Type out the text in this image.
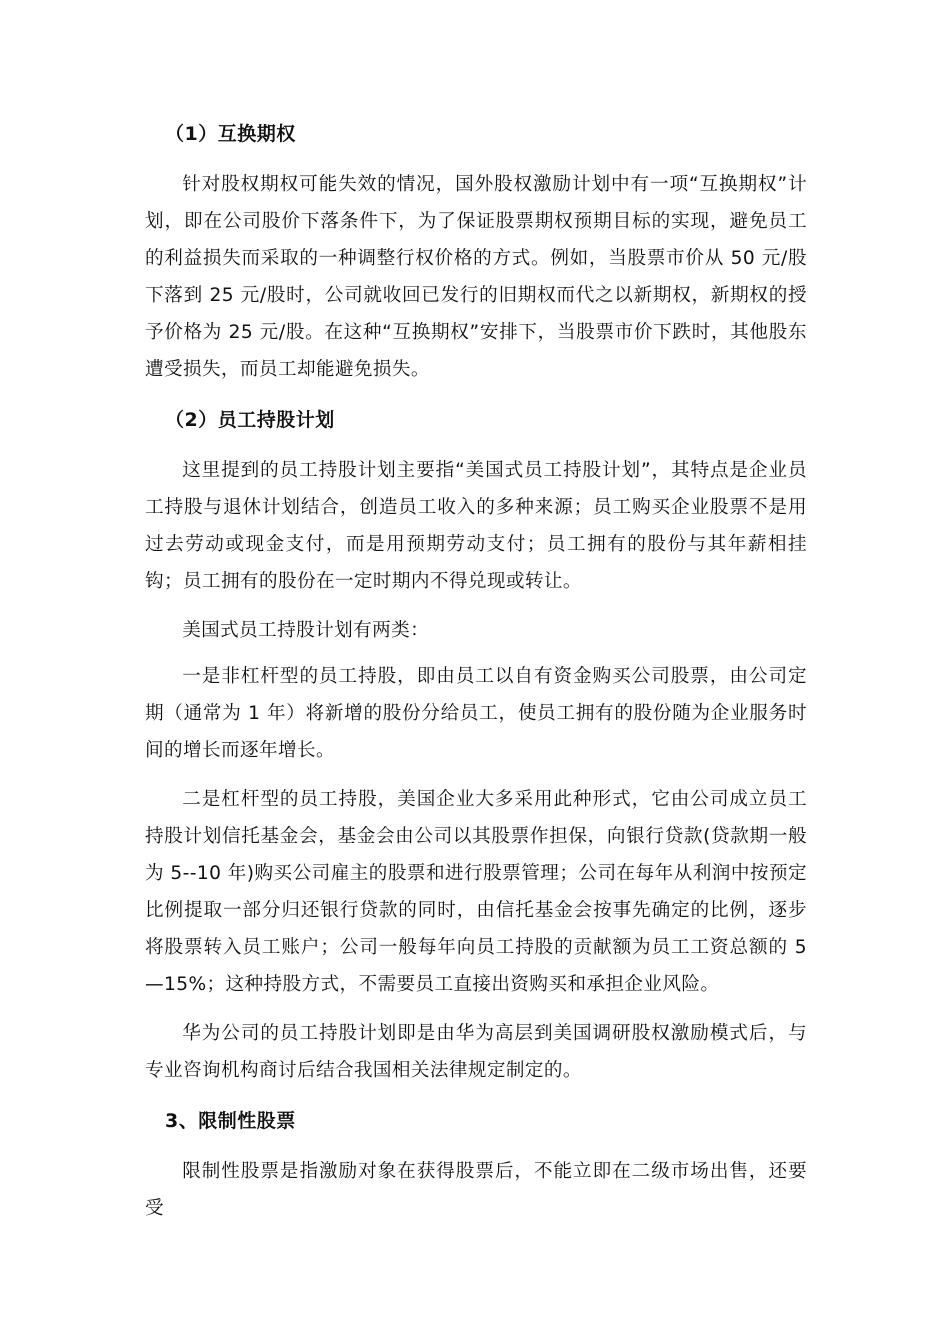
（1）互换期权

针对股权期权可能失效的情况，国外股权激励计划中有一项“互换期权”计划，即在公司股价下落条件下，为了保证股票期权预期目标的实现，避免员工的利益损失而采取的一种调整行权价格的方式。例如，当股票市价从 50 元/股下落到 25 元/股时，公司就收回已发行的旧期权而代之以新期权，新期权的授予价格为 25 元/股。在这种“互换期权”安排下，当股票市价下跌时，其他股东遭受损失，而员工却能避免损失。

（2）员工持股计划

这里提到的员工持股计划主要指“美国式员工持股计划”，其特点是企业员工持股与退休计划结合，创造员工收入的多种来源；员工购买企业股票不是用过去劳动或现金支付，而是用预期劳动支付；员工拥有的股份与其年薪相挂钩；员工拥有的股份在一定时期内不得兑现或转让。

美国式员工持股计划有两类：

一是非杠杆型的员工持股，即由员工以自有资金购买公司股票，由公司定期（通常为 1 年）将新增的股份分给员工，使员工拥有的股份随为企业服务时间的增长而逐年增长。

二是杠杆型的员工持股，美国企业大多采用此种形式，它由公司成立员工持股计划信托基金会，基金会由公司以其股票作担保，向银行贷款(贷款期一般为 5--10 年)购买公司雇主的股票和进行股票管理；公司在每年从利润中按预定比例提取一部分归还银行贷款的同时，由信托基金会按事先确定的比例，逐步将股票转入员工账户；公司一般每年向员工持股的贡献额为员工工资总额的 5—15%；这种持股方式，不需要员工直接出资购买和承担企业风险。

华为公司的员工持股计划即是由华为高层到美国调研股权激励模式后，与专业咨询机构商讨后结合我国相关法律规定制定的。

3、限制性股票

限制性股票是指激励对象在获得股票后，不能立即在二级市场出售，还要受
